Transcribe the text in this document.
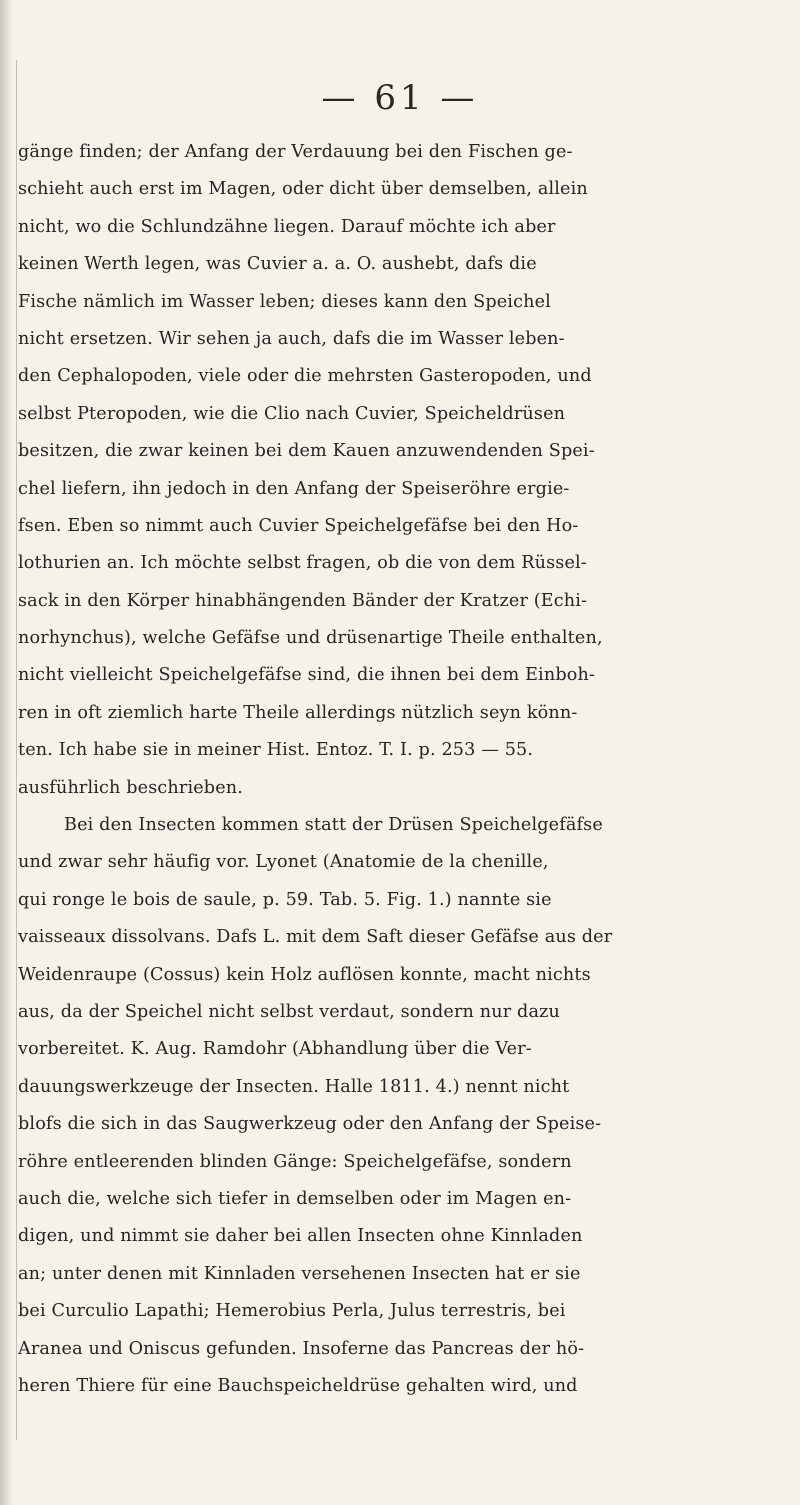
— 61 —
gänge finden; der Anfang der Verdauung bei den Fischen ge-
schieht auch erst im Magen, oder dicht über demselben, allein
nicht, wo die Schlundzähne liegen. Darauf möchte ich aber
keinen Werth legen, was Cuvier a. a. O. aushebt, dafs die
Fische nämlich im Wasser leben; dieses kann den Speichel
nicht ersetzen. Wir sehen ja auch, dafs die im Wasser leben-
den Cephalopoden, viele oder die mehrsten Gasteropoden, und
selbst Pteropoden, wie die Clio nach Cuvier, Speicheldrüsen
besitzen, die zwar keinen bei dem Kauen anzuwendenden Spei-
chel liefern, ihn jedoch in den Anfang der Speiseröhre ergie-
fsen. Eben so nimmt auch Cuvier Speichelgefäfse bei den Ho-
lothurien an. Ich möchte selbst fragen, ob die von dem Rüssel-
sack in den Körper hinabhängenden Bänder der Kratzer (Echi-
norhynchus), welche Gefäfse und drüsenartige Theile enthalten,
nicht vielleicht Speichelgefäfse sind, die ihnen bei dem Einboh-
ren in oft ziemlich harte Theile allerdings nützlich seyn könn-
ten. Ich habe sie in meiner Hist. Entoz. T. I. p. 253 — 55.
ausführlich beschrieben.
Bei den Insecten kommen statt der Drüsen Speichelgefäfse
und zwar sehr häufig vor. Lyonet (Anatomie de la chenille,
qui ronge le bois de saule, p. 59. Tab. 5. Fig. 1.) nannte sie
vaisseaux dissolvans. Dafs L. mit dem Saft dieser Gefäfse aus der
Weidenraupe (Cossus) kein Holz auflösen konnte, macht nichts
aus, da der Speichel nicht selbst verdaut, sondern nur dazu
vorbereitet. K. Aug. Ramdohr (Abhandlung über die Ver-
dauungswerkzeuge der Insecten. Halle 1811. 4.) nennt nicht
blofs die sich in das Saugwerkzeug oder den Anfang der Speise-
röhre entleerenden blinden Gänge: Speichelgefäfse, sondern
auch die, welche sich tiefer in demselben oder im Magen en-
digen, und nimmt sie daher bei allen Insecten ohne Kinnladen
an; unter denen mit Kinnladen versehenen Insecten hat er sie
bei Curculio Lapathi; Hemerobius Perla, Julus terrestris, bei
Aranea und Oniscus gefunden. Insoferne das Pancreas der hö-
heren Thiere für eine Bauchspeicheldrüse gehalten wird, und
